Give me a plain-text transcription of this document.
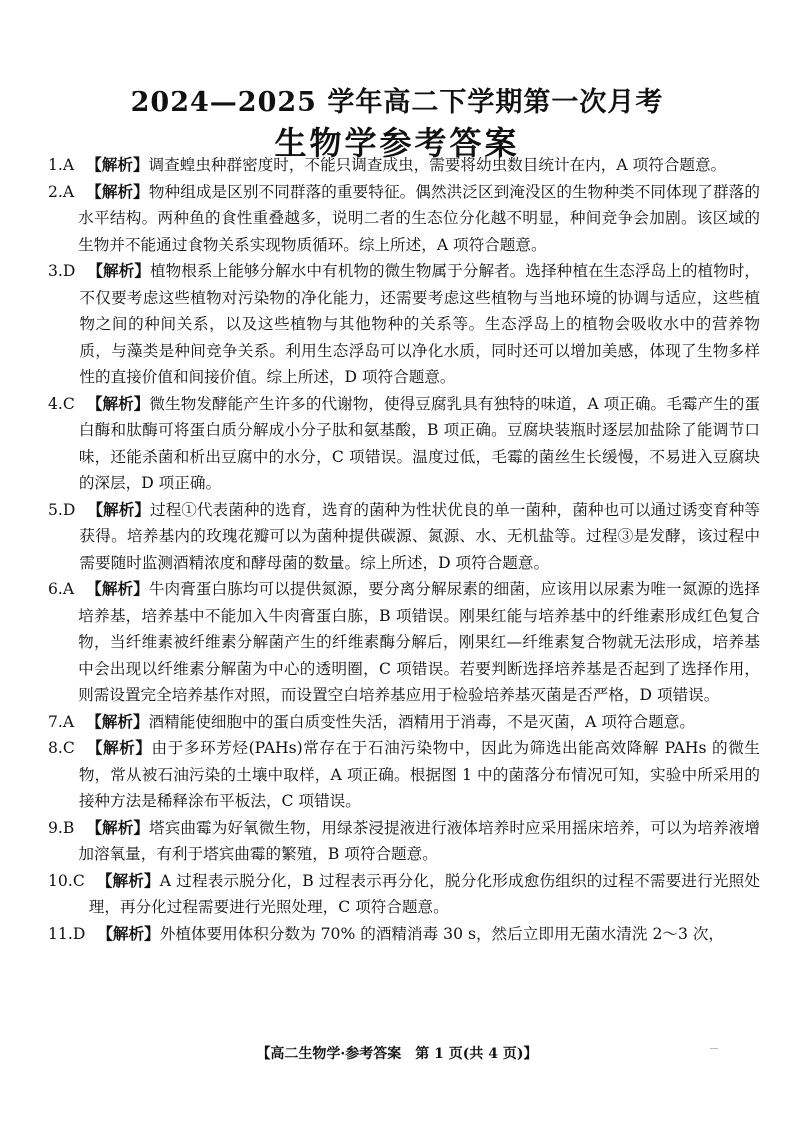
2024—2025 学年高二下学期第一次月考
生物学参考答案
1.A 【解析】调查蝗虫种群密度时，不能只调查成虫，需要将幼虫数目统计在内，A 项符合题意。
2.A 【解析】物种组成是区别不同群落的重要特征。偶然洪泛区到淹没区的生物种类不同体现了群落的水平结构。两种鱼的食性重叠越多，说明二者的生态位分化越不明显，种间竞争会加剧。该区域的生物并不能通过食物关系实现物质循环。综上所述，A 项符合题意。
3.D 【解析】植物根系上能够分解水中有机物的微生物属于分解者。选择种植在生态浮岛上的植物时，不仅要考虑这些植物对污染物的净化能力，还需要考虑这些植物与当地环境的协调与适应，这些植物之间的种间关系，以及这些植物与其他物种的关系等。生态浮岛上的植物会吸收水中的营养物质，与藻类是种间竞争关系。利用生态浮岛可以净化水质，同时还可以增加美感，体现了生物多样性的直接价值和间接价值。综上所述，D 项符合题意。
4.C 【解析】微生物发酵能产生许多的代谢物，使得豆腐乳具有独特的味道，A 项正确。毛霉产生的蛋白酶和肽酶可将蛋白质分解成小分子肽和氨基酸，B 项正确。豆腐块装瓶时逐层加盐除了能调节口味，还能杀菌和析出豆腐中的水分，C 项错误。温度过低，毛霉的菌丝生长缓慢，不易进入豆腐块的深层，D 项正确。
5.D 【解析】过程①代表菌种的选育，选育的菌种为性状优良的单一菌种，菌种也可以通过诱变育种等获得。培养基内的玫瑰花瓣可以为菌种提供碳源、氮源、水、无机盐等。过程③是发酵，该过程中需要随时监测酒精浓度和酵母菌的数量。综上所述，D 项符合题意。
6.A 【解析】牛肉膏蛋白胨均可以提供氮源，要分离分解尿素的细菌，应该用以尿素为唯一氮源的选择培养基，培养基中不能加入牛肉膏蛋白胨，B 项错误。刚果红能与培养基中的纤维素形成红色复合物，当纤维素被纤维素分解菌产生的纤维素酶分解后，刚果红—纤维素复合物就无法形成，培养基中会出现以纤维素分解菌为中心的透明圈，C 项错误。若要判断选择培养基是否起到了选择作用，则需设置完全培养基作对照，而设置空白培养基应用于检验培养基灭菌是否严格，D 项错误。
7.A 【解析】酒精能使细胞中的蛋白质变性失活，酒精用于消毒，不是灭菌，A 项符合题意。
8.C 【解析】由于多环芳烃(PAHs)常存在于石油污染物中，因此为筛选出能高效降解 PAHs 的微生物，常从被石油污染的土壤中取样，A 项正确。根据图 1 中的菌落分布情况可知，实验中所采用的接种方法是稀释涂布平板法，C 项错误。
9.B 【解析】塔宾曲霉为好氧微生物，用绿茶浸提液进行液体培养时应采用摇床培养，可以为培养液增加溶氧量，有利于塔宾曲霉的繁殖，B 项符合题意。
10.C 【解析】A 过程表示脱分化，B 过程表示再分化，脱分化形成愈伤组织的过程不需要进行光照处理，再分化过程需要进行光照处理，C 项符合题意。
11.D 【解析】外植体要用体积分数为 70% 的酒精消毒 30 s，然后立即用无菌水清洗 2～3 次，
【高二生物学·参考答案　第 1 页(共 4 页)】
